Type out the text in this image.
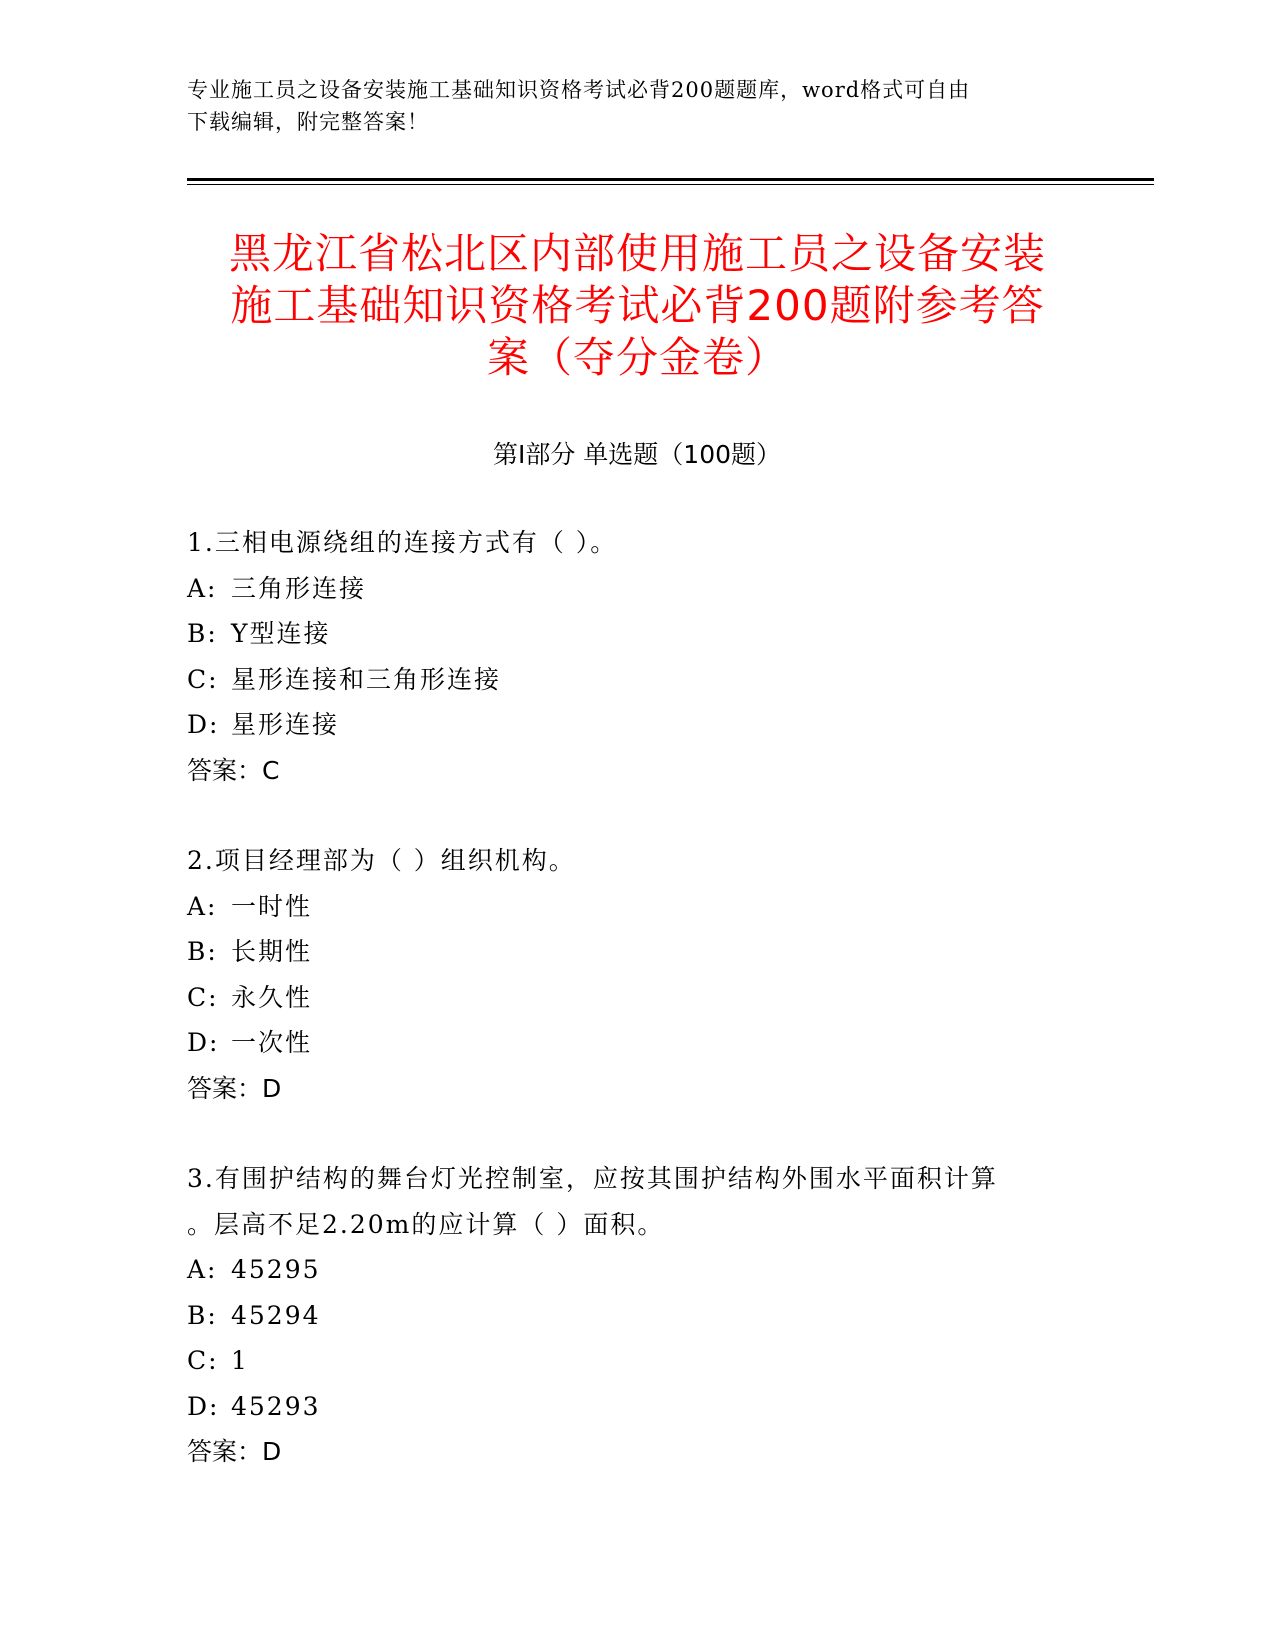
专业施工员之设备安装施工基础知识资格考试必背200题题库，word格式可自由
下载编辑，附完整答案！
黑龙江省松北区内部使用施工员之设备安装
施工基础知识资格考试必背200题附参考答
案（夺分金卷）
第Ⅰ部分 单选题（100题）
1.三相电源绕组的连接方式有（ ）。
A: 三角形连接
B: Y型连接
C: 星形连接和三角形连接
D: 星形连接
答案：C
2.项目经理部为（ ）组织机构。
A: 一时性
B: 长期性
C: 永久性
D: 一次性
答案：D
3.有围护结构的舞台灯光控制室，应按其围护结构外围水平面积计算
。层高不足2.20m的应计算（ ）面积。
A: 45295
B: 45294
C: 1
D: 45293
答案：D
